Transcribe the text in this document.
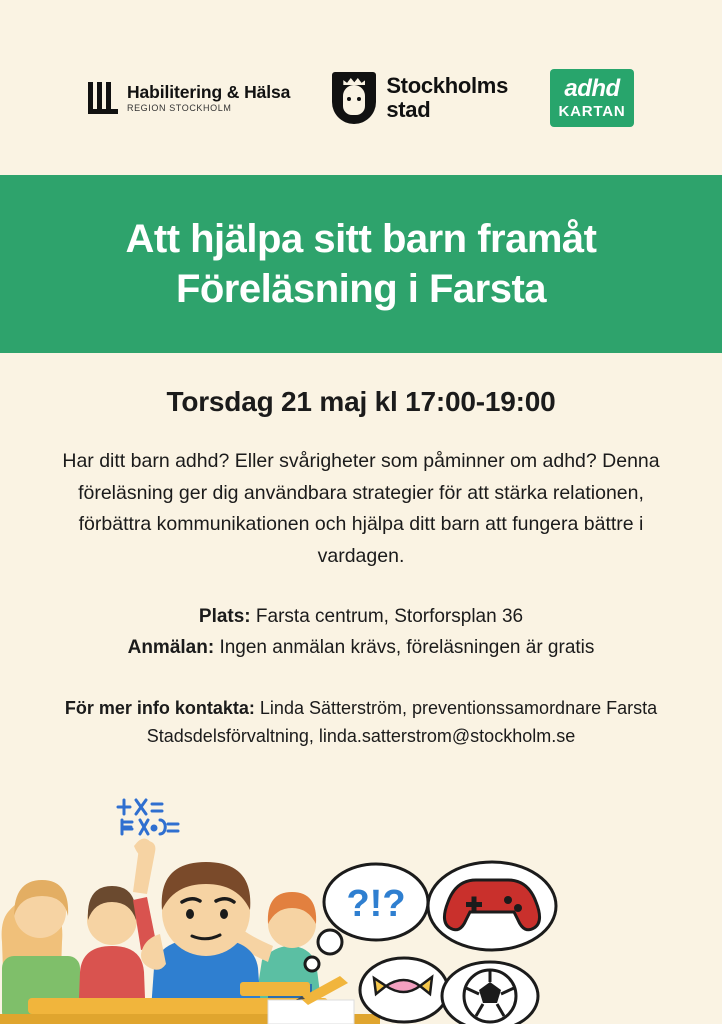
Habilitering & Hälsa
REGION STOCKHOLM
Stockholms
stad
adhd
KARTAN
Att hjälpa sitt barn framåt
Föreläsning i Farsta
Torsdag 21 maj kl 17:00-19:00
Har ditt barn adhd? Eller svårigheter som påminner om adhd? Denna föreläsning ger dig användbara strategier för att stärka relationen, förbättra kommunikationen och hjälpa ditt barn att fungera bättre i vardagen.
Plats: Farsta centrum, Storforsplan 36
Anmälan: Ingen anmälan krävs, föreläsningen är gratis
För mer info kontakta: Linda Sätterström, preventionssamordnare Farsta Stadsdelsförvaltning, linda.satterstrom@stockholm.se
?!?
